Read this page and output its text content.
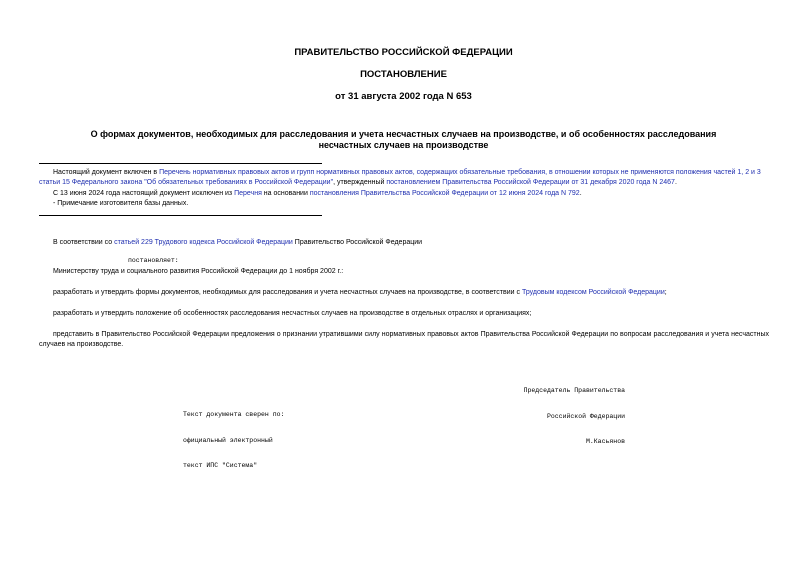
ПРАВИТЕЛЬСТВО РОССИЙСКОЙ ФЕДЕРАЦИИ
ПОСТАНОВЛЕНИЕ
от 31 августа 2002 года N 653
О формах документов, необходимых для расследования и учета несчастных случаев на производстве, и об особенностях расследования
несчастных случаев на производстве
Настоящий документ включен в Перечень нормативных правовых актов и групп нормативных правовых актов, содержащих обязательные требования, в отношении которых не применяются положения частей 1, 2 и 3 статьи 15 Федерального закона "Об обязательных требованиях в Российской Федерации", утвержденный постановлением Правительства Российской Федерации от 31 декабря 2020 года N 2467.
С 13 июня 2024 года настоящий документ исключен из Перечня на основании постановления Правительства Российской Федерации от 12 июня 2024 года N 792.
- Примечание изготовителя базы данных.
В соответствии со статьей 229 Трудового кодекса Российской Федерации Правительство Российской Федерации
постановляет:
Министерству труда и социального развития Российской Федерации до 1 ноября 2002 г.:
разработать и утвердить формы документов, необходимых для расследования и учета несчастных случаев на производстве, в соответствии с Трудовым кодексом Российской Федерации;
разработать и утвердить положение об особенностях расследования несчастных случаев на производстве в отдельных отраслях и организациях;
представить в Правительство Российской Федерации предложения о признании утратившими силу нормативных правовых актов Правительства Российской Федерации по вопросам расследования и учета несчастных случаев на производстве.

Председатель Правительства

Российской Федерации

М.Касьянов

Текст документа сверен по:

официальный электронный

текст ИПС "Система"
